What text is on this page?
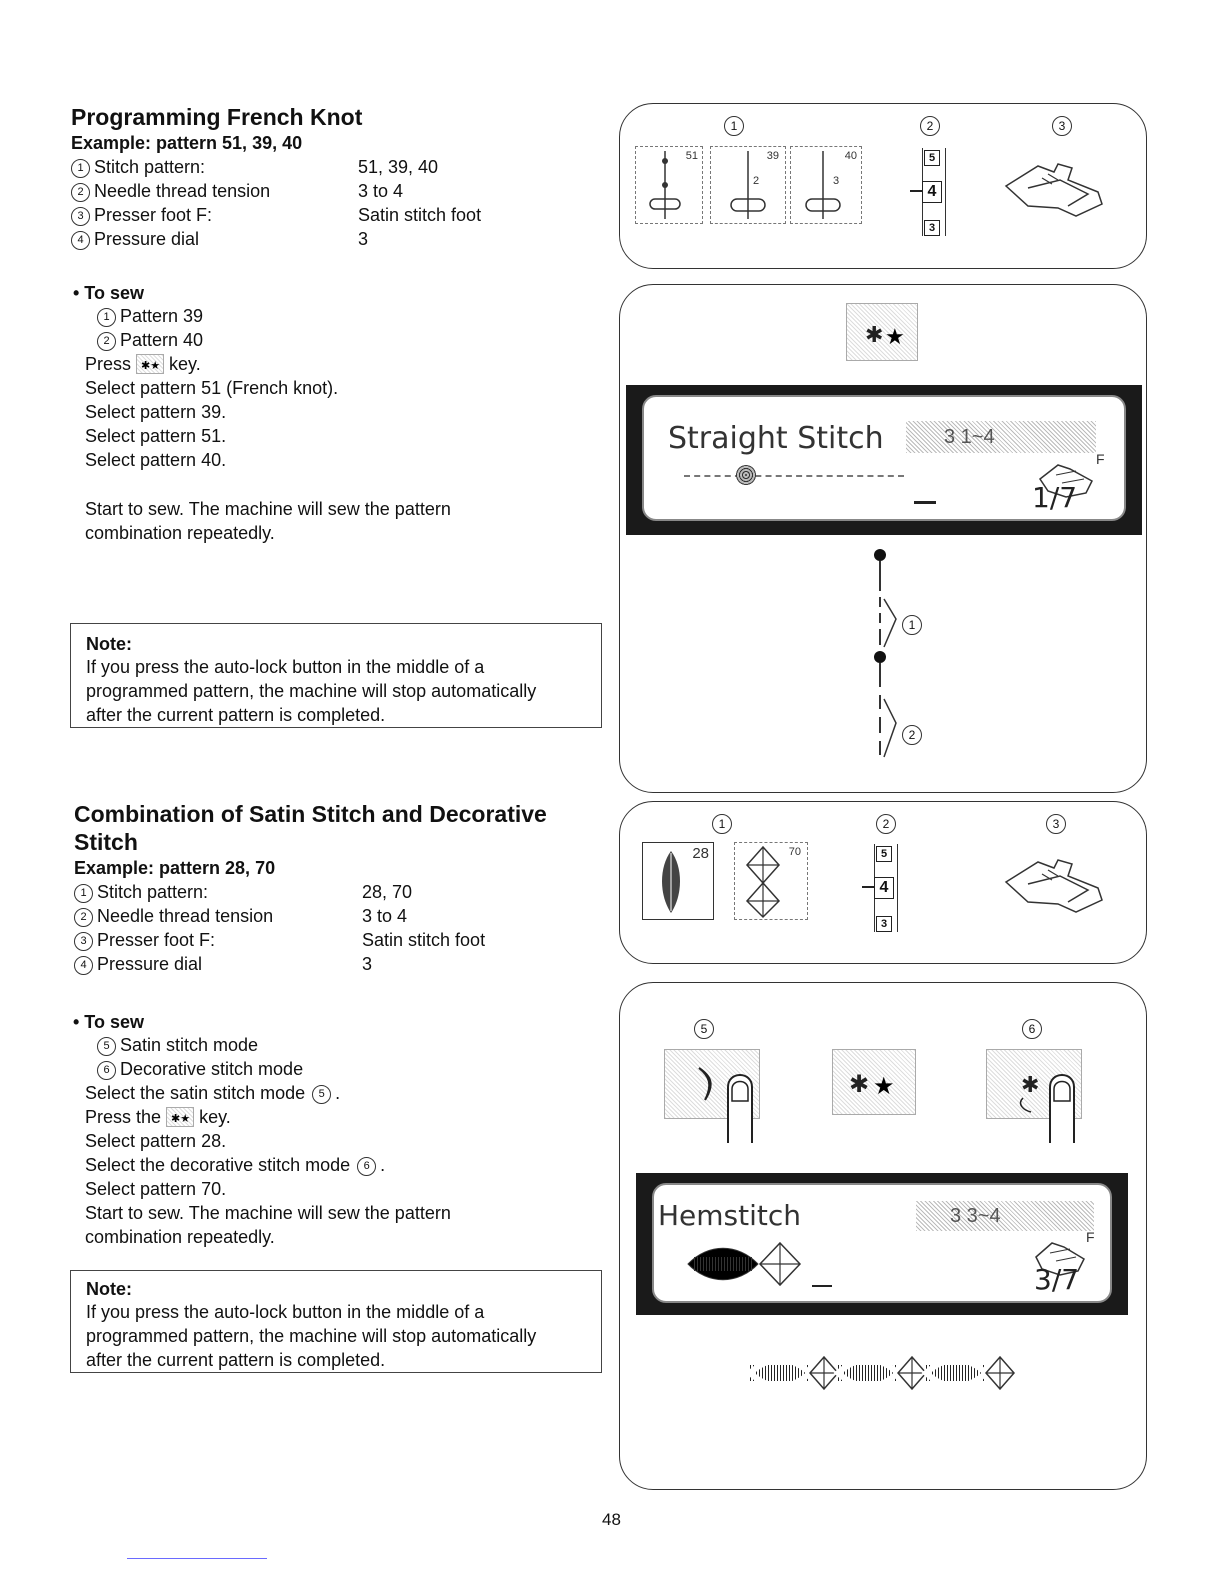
Programming French Knot
Example: pattern 51, 39, 40
1 Stitch pattern:	51, 39, 40
2 Needle thread tension	3 to 4
3 Presser foot F:	Satin stitch foot
4 Pressure dial	3
• To sew
1 Pattern 39
2 Pattern 40
Press ✱★ key.
Select pattern 51 (French knot).
Select pattern 39.
Select pattern 51.
Select pattern 40.
Start to sew. The machine will sew the pattern
combination repeatedly.
Note:
If you press the auto-lock button in the middle of a
programmed pattern, the machine will stop automatically
after the current pattern is completed.
Combination of Satin Stitch and Decorative
Stitch
Example: pattern 28, 70
1 Stitch pattern:	28, 70
2 Needle thread tension	3 to 4
3 Presser foot F:	Satin stitch foot
4 Pressure dial	3
• To sew
5 Satin stitch mode
6 Decorative stitch mode
Select the satin stitch mode 5 .
Press the ✱★ key.
Select pattern 28.
Select the decorative stitch mode 6 .
Select pattern 70.
Start to sew. The machine will sew the pattern
combination repeatedly.
Note:
If you press the auto-lock button in the middle of a
programmed pattern, the machine will stop automatically
after the current pattern is completed.
1	2	3
51	39
2
40
3
5
4
3
✱ ★
Straight Stitch	3 1~4
F
1/7
1
2
1	2	3
28	70	5
4
3
5	6
✱ ★	✱
Hemstitch	3 3~4
F
3/7
48
